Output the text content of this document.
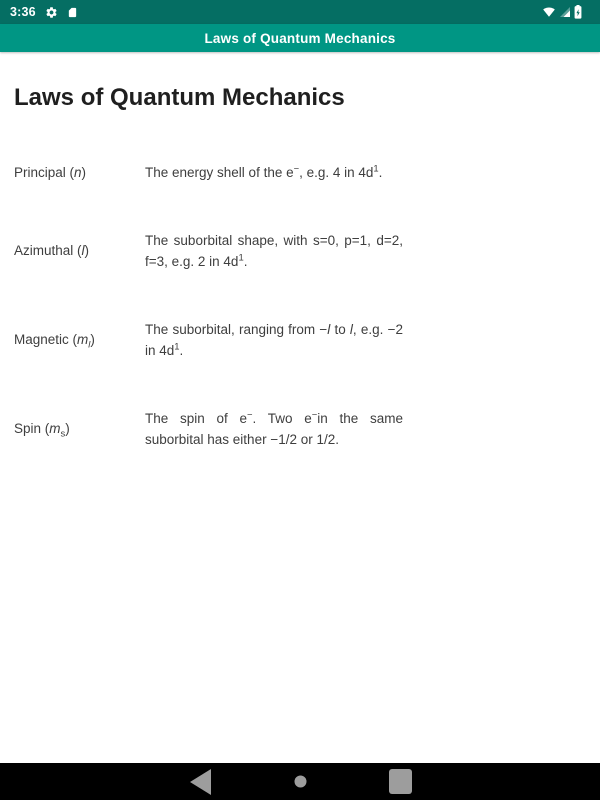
3:36
Laws of Quantum Mechanics
Laws of Quantum Mechanics
Principal (n)	The energy shell of the e−, e.g. 4 in $4d^1$.
Azimuthal (l)
The suborbital shape, with s=0, p=1, d=2, f=3, e.g. 2 in $4d^1$.
Magnetic $(m_l)$
The suborbital, ranging from −l to l, e.g. −2 in $4d^1$.
Spin $(m_s)$
The spin of e−. Two e−in the same suborbital has either −1/2 or 1/2.
